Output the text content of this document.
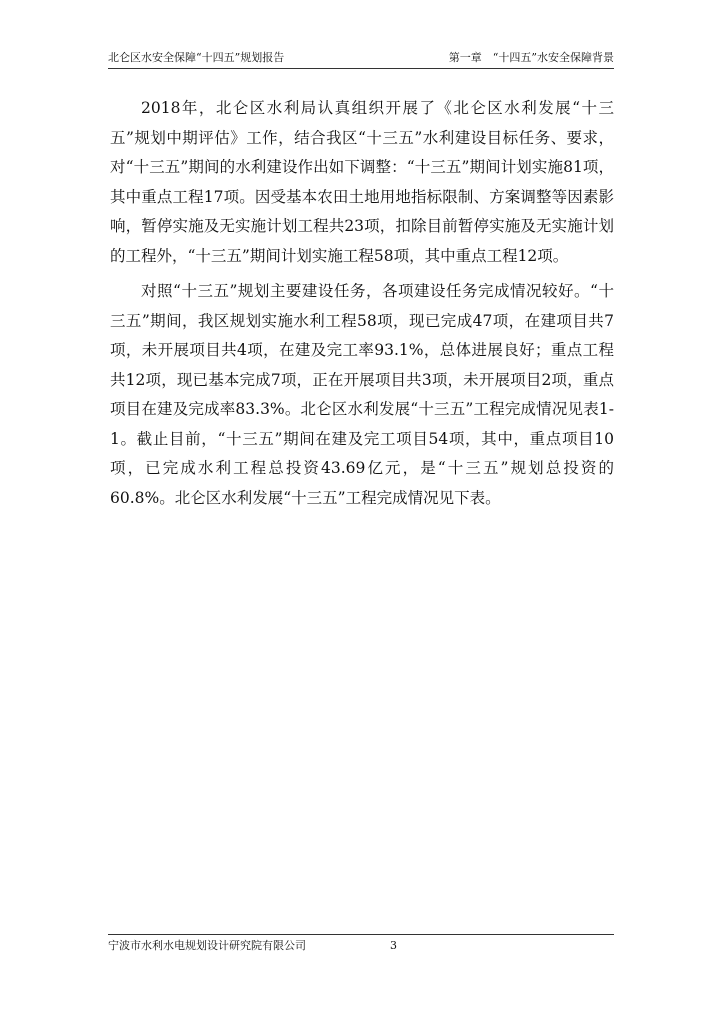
北仑区水安全保障“十四五”规划报告	第一章　“十四五”水安全保障背景

2018年，北仑区水利局认真组织开展了《北仑区水利发展“十三五”规划中期评估》工作，结合我区“十三五”水利建设目标任务、要求，对“十三五”期间的水利建设作出如下调整：“十三五”期间计划实施81项，其中重点工程17项。因受基本农田土地用地指标限制、方案调整等因素影响，暂停实施及无实施计划工程共23项，扣除目前暂停实施及无实施计划的工程外，“十三五”期间计划实施工程58项，其中重点工程12项。

对照“十三五”规划主要建设任务，各项建设任务完成情况较好。“十三五”期间，我区规划实施水利工程58项，现已完成47项，在建项目共7项，未开展项目共4项，在建及完工率93.1%，总体进展良好；重点工程共12项，现已基本完成7项，正在开展项目共3项，未开展项目2项，重点项目在建及完成率83.3%。北仑区水利发展“十三五”工程完成情况见表1-1。截止目前，“十三五”期间在建及完工项目54项，其中，重点项目10项，已完成水利工程总投资43.69亿元，是“十三五”规划总投资的60.8%。北仑区水利发展“十三五”工程完成情况见下表。

宁波市水利水电规划设计研究院有限公司	3
